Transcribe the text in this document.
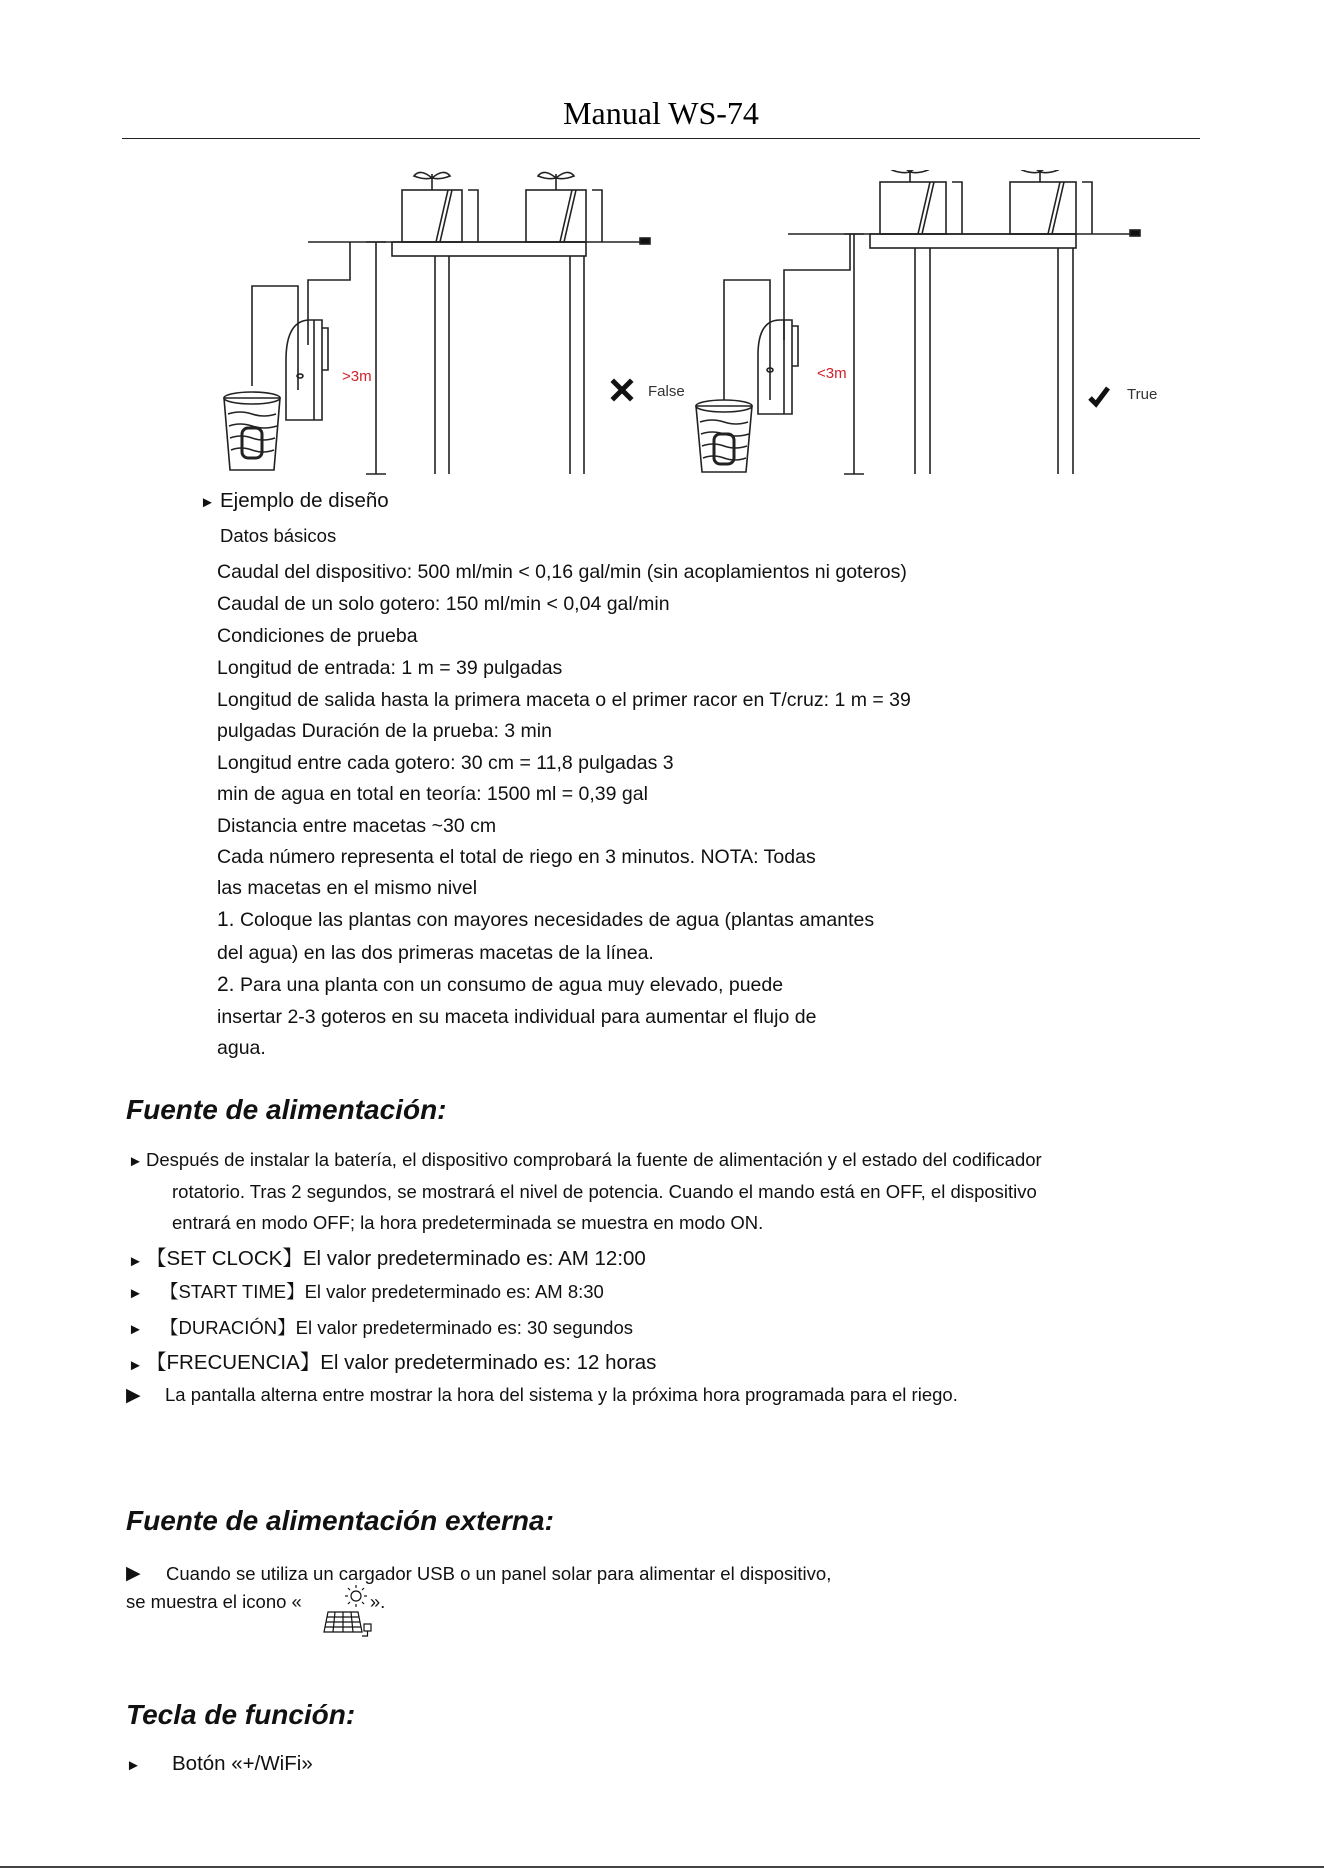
Manual WS-74
>3m	<3m
False	True
► Ejemplo de diseño
Datos básicos
Caudal del dispositivo: 500 ml/min < 0,16 gal/min (sin acoplamientos ni goteros)
Caudal de un solo gotero: 150 ml/min < 0,04 gal/min
Condiciones de prueba
Longitud de entrada: 1 m = 39 pulgadas
Longitud de salida hasta la primera maceta o el primer racor en T/cruz: 1 m = 39
pulgadas Duración de la prueba: 3 min
Longitud entre cada gotero: 30 cm = 11,8 pulgadas 3
min de agua en total en teoría: 1500 ml = 0,39 gal
Distancia entre macetas ~30 cm
Cada número representa el total de riego en 3 minutos. NOTA: Todas
las macetas en el mismo nivel
1. Coloque las plantas con mayores necesidades de agua (plantas amantes
del agua) en las dos primeras macetas de la línea.
2. Para una planta con un consumo de agua muy elevado, puede
insertar 2-3 goteros en su maceta individual para aumentar el flujo de
agua.
Fuente de alimentación:
► Después de instalar la batería, el dispositivo comprobará la fuente de alimentación y el estado del codificador
rotatorio. Tras 2 segundos, se mostrará el nivel de potencia. Cuando el mando está en OFF, el dispositivo
entrará en modo OFF; la hora predeterminada se muestra en modo ON.
► 【SET CLOCK】El valor predeterminado es: AM 12:00
► 【START TIME】El valor predeterminado es: AM 8:30
► 【DURACIÓN】El valor predeterminado es: 30 segundos
► 【FRECUENCIA】El valor predeterminado es: 12 horas
▶ La pantalla alterna entre mostrar la hora del sistema y la próxima hora programada para el riego.
Fuente de alimentación externa:
▶ Cuando se utiliza un cargador USB o un panel solar para alimentar el dispositivo,
se muestra el icono «	».
Tecla de función:
► Botón «+/WiFi»
